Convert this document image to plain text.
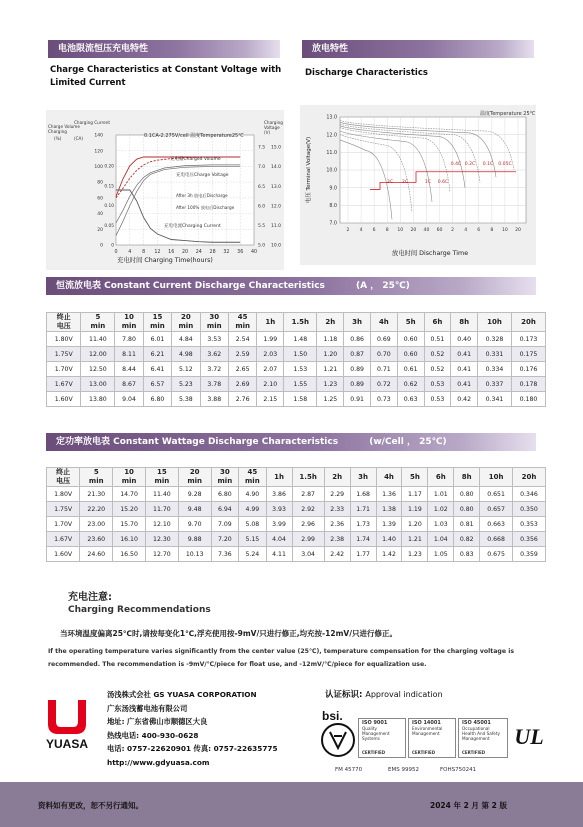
电池限流恒压充电特性
Charge Characteristics at Constant Voltage with Limited Current
放电特性
Discharge Characteristics
0 4 8 12 16 20 24 28 32 36 40
140
120
100
80
60
40
20
0
0.20
0.15
0.10
0.05
0
7.5 15.0
7.0 14.0
6.5 13.0
6.0 12.0
5.5 11.0
5.0 10.0
Charge Volume
Charging Current
Charging
(%)	(CA)
Charging
Voltage
(V)
0.1CA-2.275V/cell 温度Temperature25℃
充电量Charged Volume
充电电压Charge Voltage
After 3h 放电后Discharge
After 100% 放电后Discharge
充电电流Charging Current
充电时间 Charging Time(hours)
13.0
12.0
11.0
10.0
9.0
8.0
7.0
2 4 6 8 10 20 40 60 2 4 6 8 10 20
温度Temperature 25℃
3C 2C	1C 0.6C
0.4C 0.2C 0.1C 0.05C
电压 Terminal Voltage(V)
放电时间 Discharge Time
恒流放电表 Constant Current Discharge Characteristics	(A ， 25℃)
终止
电压	5
min	10
min	15
min	20
min	30
min	45
min	1h	1.5h	2h	3h	4h	5h	6h	8h	10h	20h

1.80V	11.40	7.80	6.01	4.84	3.53	2.54	1.99	1.48	1.18	0.86	0.69	0.60	0.51	0.40	0.328	0.173
1.75V	12.00	8.11	6.21	4.98	3.62	2.59	2.03	1.50	1.20	0.87	0.70	0.60	0.52	0.41	0.331	0.175
1.70V	12.50	8.44	6.41	5.12	3.72	2.65	2.07	1.53	1.21	0.89	0.71	0.61	0.52	0.41	0.334	0.176
1.67V	13.00	8.67	6.57	5.23	3.78	2.69	2.10	1.55	1.23	0.89	0.72	0.62	0.53	0.41	0.337	0.178
1.60V	13.80	9.04	6.80	5.38	3.88	2.76	2.15	1.58	1.25	0.91	0.73	0.63	0.53	0.42	0.341	0.180
定功率放电表 Constant Wattage Discharge Characteristics	(w/Cell ， 25℃)
终止
电压	5
min	10
min	15
min	20
min	30
min	45
min	1h	1.5h	2h	3h	4h	5h	6h	8h	10h	20h

1.80V	21.30	14.70	11.40	9.28	6.80	4.90	3.86	2.87	2.29	1.68	1.36	1.17	1.01	0.80	0.651	0.346
1.75V	22.20	15.20	11.70	9.48	6.94	4.99	3.93	2.92	2.33	1.71	1.38	1.19	1.02	0.80	0.657	0.350
1.70V	23.00	15.70	12.10	9.70	7.09	5.08	3.99	2.96	2.36	1.73	1.39	1.20	1.03	0.81	0.663	0.353
1.67V	23.60	16.10	12.30	9.88	7.20	5.15	4.04	2.99	2.38	1.74	1.40	1.21	1.04	0.82	0.668	0.356
1.60V	24.60	16.50	12.70	10.13	7.36	5.24	4.11	3.04	2.42	1.77	1.42	1.23	1.05	0.83	0.675	0.359
充电注意:
Charging Recommendations
当环境温度偏离25℃时,请按每变化1℃,浮充使用按-9mV/只进行修正,均充按-12mV/只进行修正。
If the operating temperature varies significantly from the center value (25℃), temperature compensation for the charging voltage is recommended. The recommendation is -9mV/℃/piece for float use, and -12mV/℃/piece for equalization use.
YUASA
汤浅株式会社 GS YUASA CORPORATION
广东汤浅蓄电池有限公司
地址: 广东省佛山市顺德区大良
热线电话: 400-930-0628
电话: 0757-22620901 传真: 0757-22635775
http://www.gdyuasa.com
认证标识: Approval indication
bsi.	ISO 9001
Quality Management Systems
CERTIFIED
ISO 14001
Environmental Management
CERTIFIED
ISO 45001
Occupational Health And Safety Management
CERTIFIED
UL
FM 45770	EMS 99952	FOHS750241
资料如有更改，恕不另行通知。	2024 年 2 月 第 2 版
